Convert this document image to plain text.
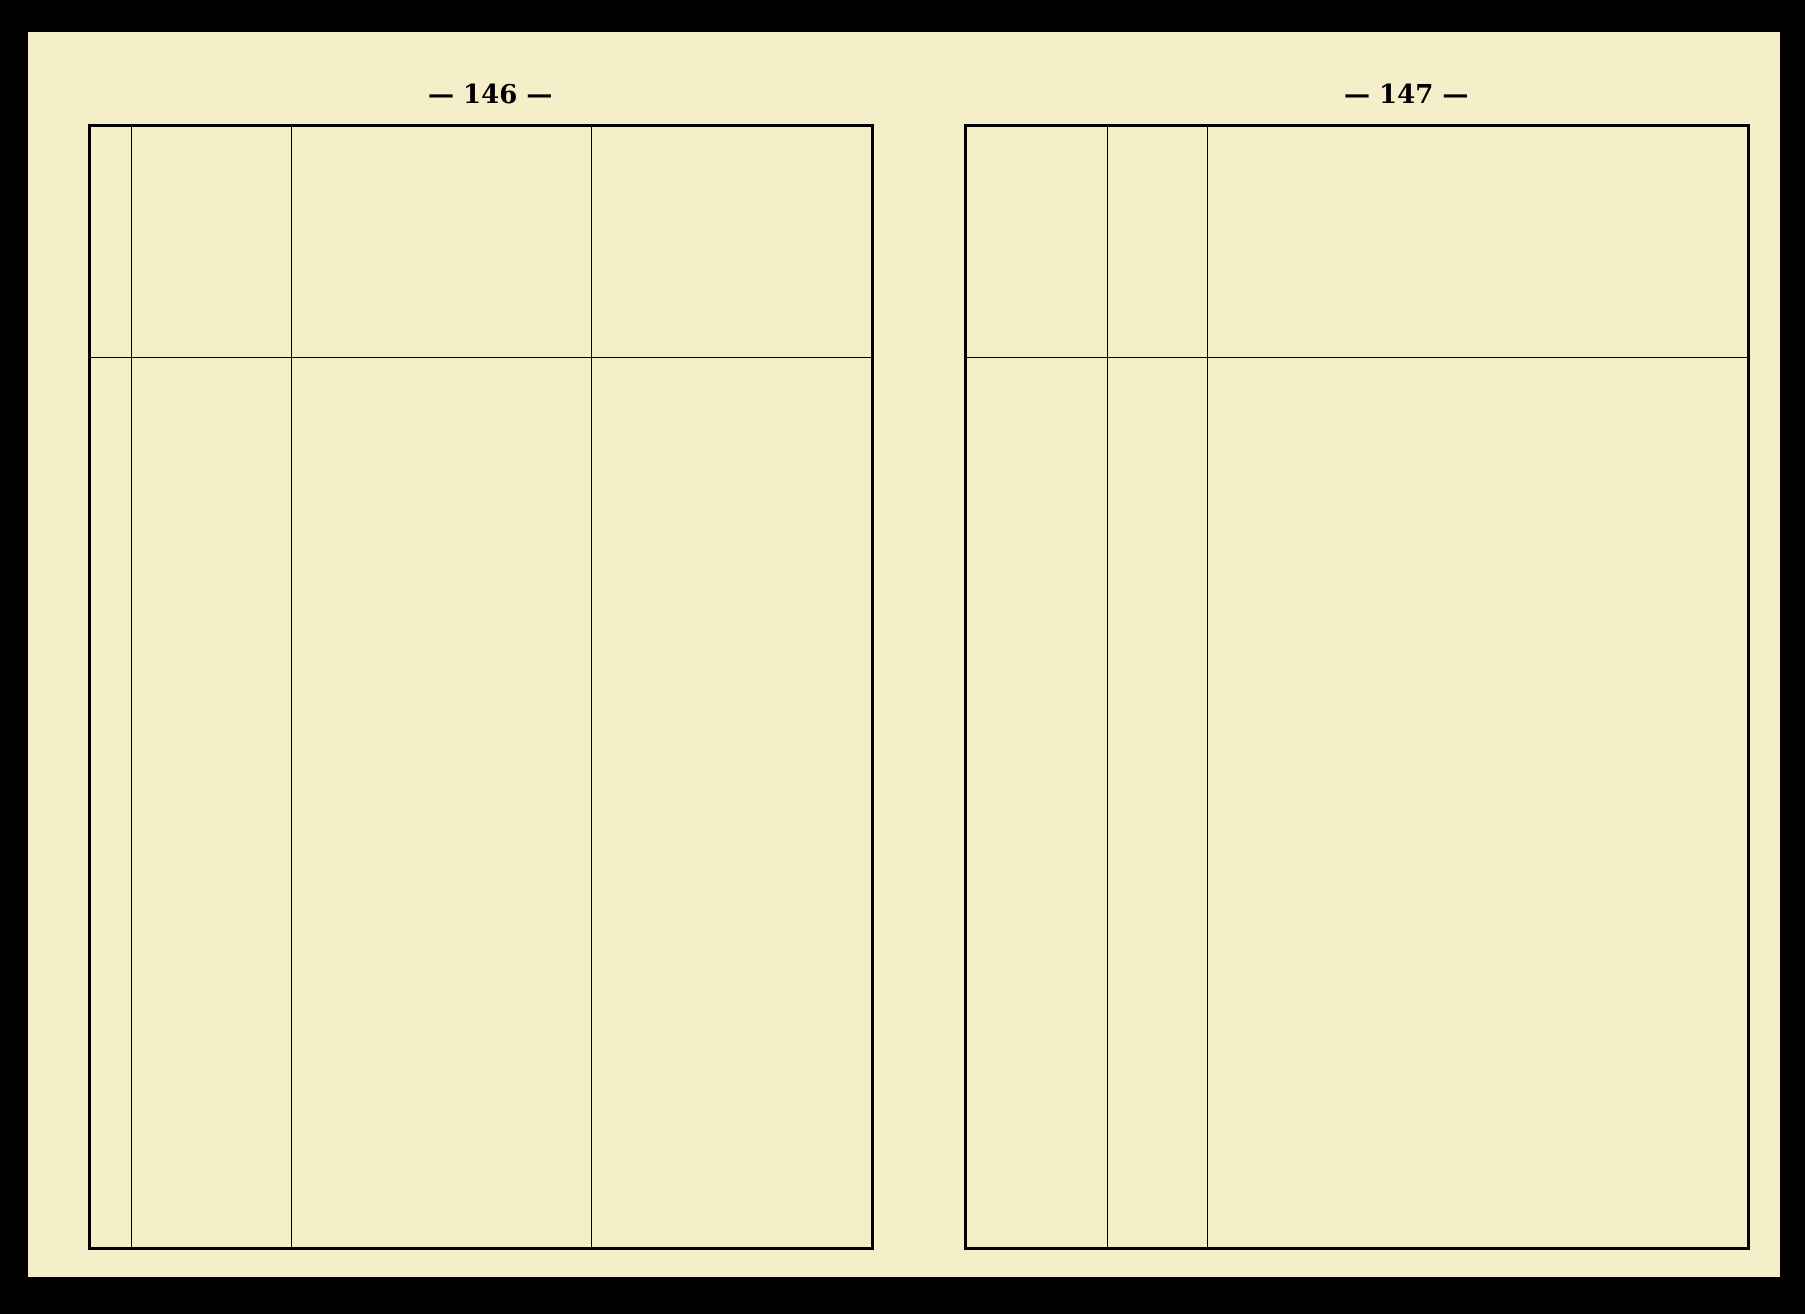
— 146 —	— 147 —
